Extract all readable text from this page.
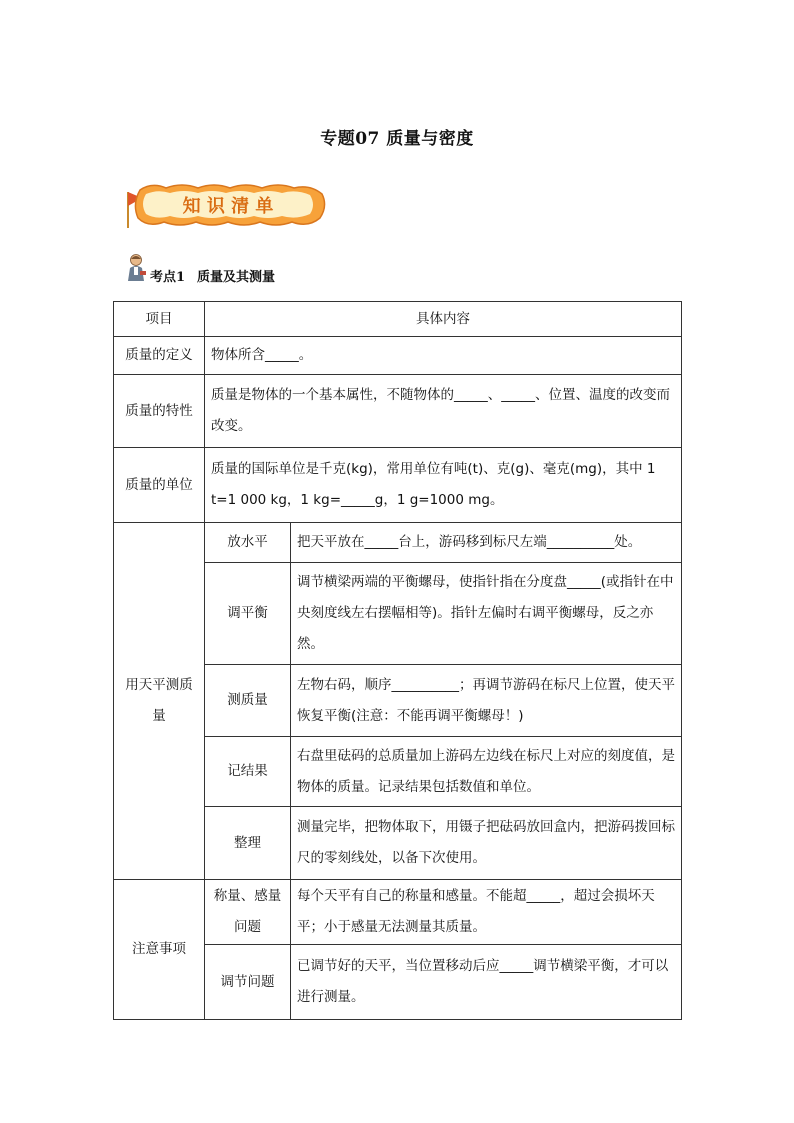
专题07 质量与密度
知 识 清 单
考点1 质量及其测量
项目	具体内容	
质量的定义	物体所含_____。	
质量的特性	质量是物体的一个基本属性，不随物体的_____、_____、位置、温度的改变而改变。	
质量的单位	质量的国际单位是千克(kg)，常用单位有吨(t)、克(g)、毫克(mg)，其中 1 t=1 000 kg，1 kg=_____g，1 g=1000 mg。	
用天平测质量	放水平	把天平放在_____台上，游码移到标尺左端__________处。
	调平衡	调节横梁两端的平衡螺母，使指针指在分度盘_____(或指针在中央刻度线左右摆幅相等)。指针左偏时右调平衡螺母，反之亦然。
	测质量	左物右码，顺序__________；再调节游码在标尺上位置，使天平恢复平衡(注意：不能再调平衡螺母！)
	记结果	右盘里砝码的总质量加上游码左边线在标尺上对应的刻度值，是物体的质量。记录结果包括数值和单位。
	整理	测量完毕，把物体取下，用镊子把砝码放回盒内，把游码拨回标尺的零刻线处，以备下次使用。
注意事项	称量、感量问题	每个天平有自己的称量和感量。不能超_____，超过会损坏天平；小于感量无法测量其质量。
	调节问题	已调节好的天平，当位置移动后应_____调节横梁平衡，才可以进行测量。
